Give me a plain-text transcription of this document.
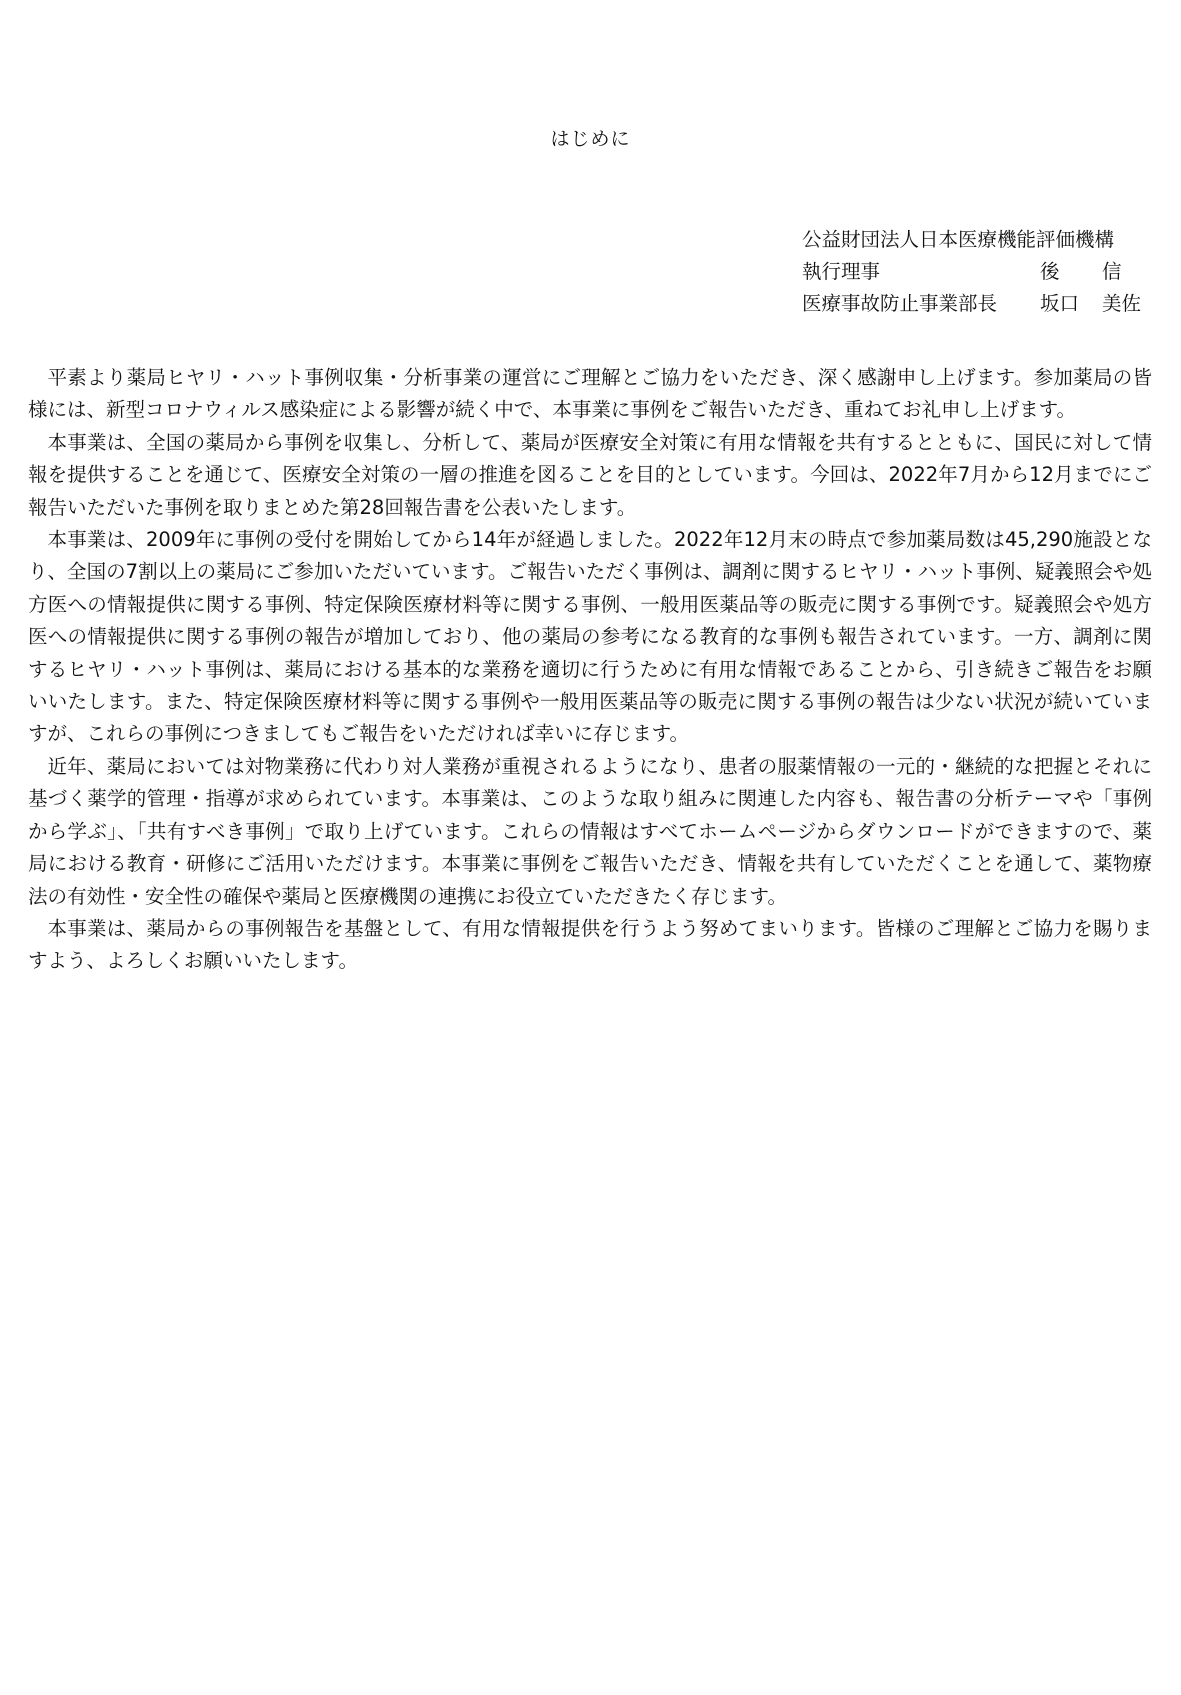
はじめに
公益財団法人日本医療機能評価機構
執行理事	後	信
医療事故防止事業部長	坂口	美佐

平素より薬局ヒヤリ・ハット事例収集・分析事業の運営にご理解とご協力をいただき、深く感謝申し上げます。参加薬局の皆様には、新型コロナウィルス感染症による影響が続く中で、本事業に事例をご報告いただき、重ねてお礼申し上げます。

本事業は、全国の薬局から事例を収集し、分析して、薬局が医療安全対策に有用な情報を共有するとともに、国民に対して情報を提供することを通じて、医療安全対策の一層の推進を図ることを目的としています。今回は、2022年7月から12月までにご報告いただいた事例を取りまとめた第28回報告書を公表いたします。

本事業は、2009年に事例の受付を開始してから14年が経過しました。2022年12月末の時点で参加薬局数は45,290施設となり、全国の7割以上の薬局にご参加いただいています。ご報告いただく事例は、調剤に関するヒヤリ・ハット事例、疑義照会や処方医への情報提供に関する事例、特定保険医療材料等に関する事例、一般用医薬品等の販売に関する事例です。疑義照会や処方医への情報提供に関する事例の報告が増加しており、他の薬局の参考になる教育的な事例も報告されています。一方、調剤に関するヒヤリ・ハット事例は、薬局における基本的な業務を適切に行うために有用な情報であることから、引き続きご報告をお願いいたします。また、特定保険医療材料等に関する事例や一般用医薬品等の販売に関する事例の報告は少ない状況が続いていますが、これらの事例につきましてもご報告をいただければ幸いに存じます。

近年、薬局においては対物業務に代わり対人業務が重視されるようになり、患者の服薬情報の一元的・継続的な把握とそれに基づく薬学的管理・指導が求められています。本事業は、このような取り組みに関連した内容も、報告書の分析テーマや「事例から学ぶ」、「共有すべき事例」で取り上げています。これらの情報はすべてホームページからダウンロードができますので、薬局における教育・研修にご活用いただけます。本事業に事例をご報告いただき、情報を共有していただくことを通して、薬物療法の有効性・安全性の確保や薬局と医療機関の連携にお役立ていただきたく存じます。

本事業は、薬局からの事例報告を基盤として、有用な情報提供を行うよう努めてまいります。皆様のご理解とご協力を賜りますよう、よろしくお願いいたします。
